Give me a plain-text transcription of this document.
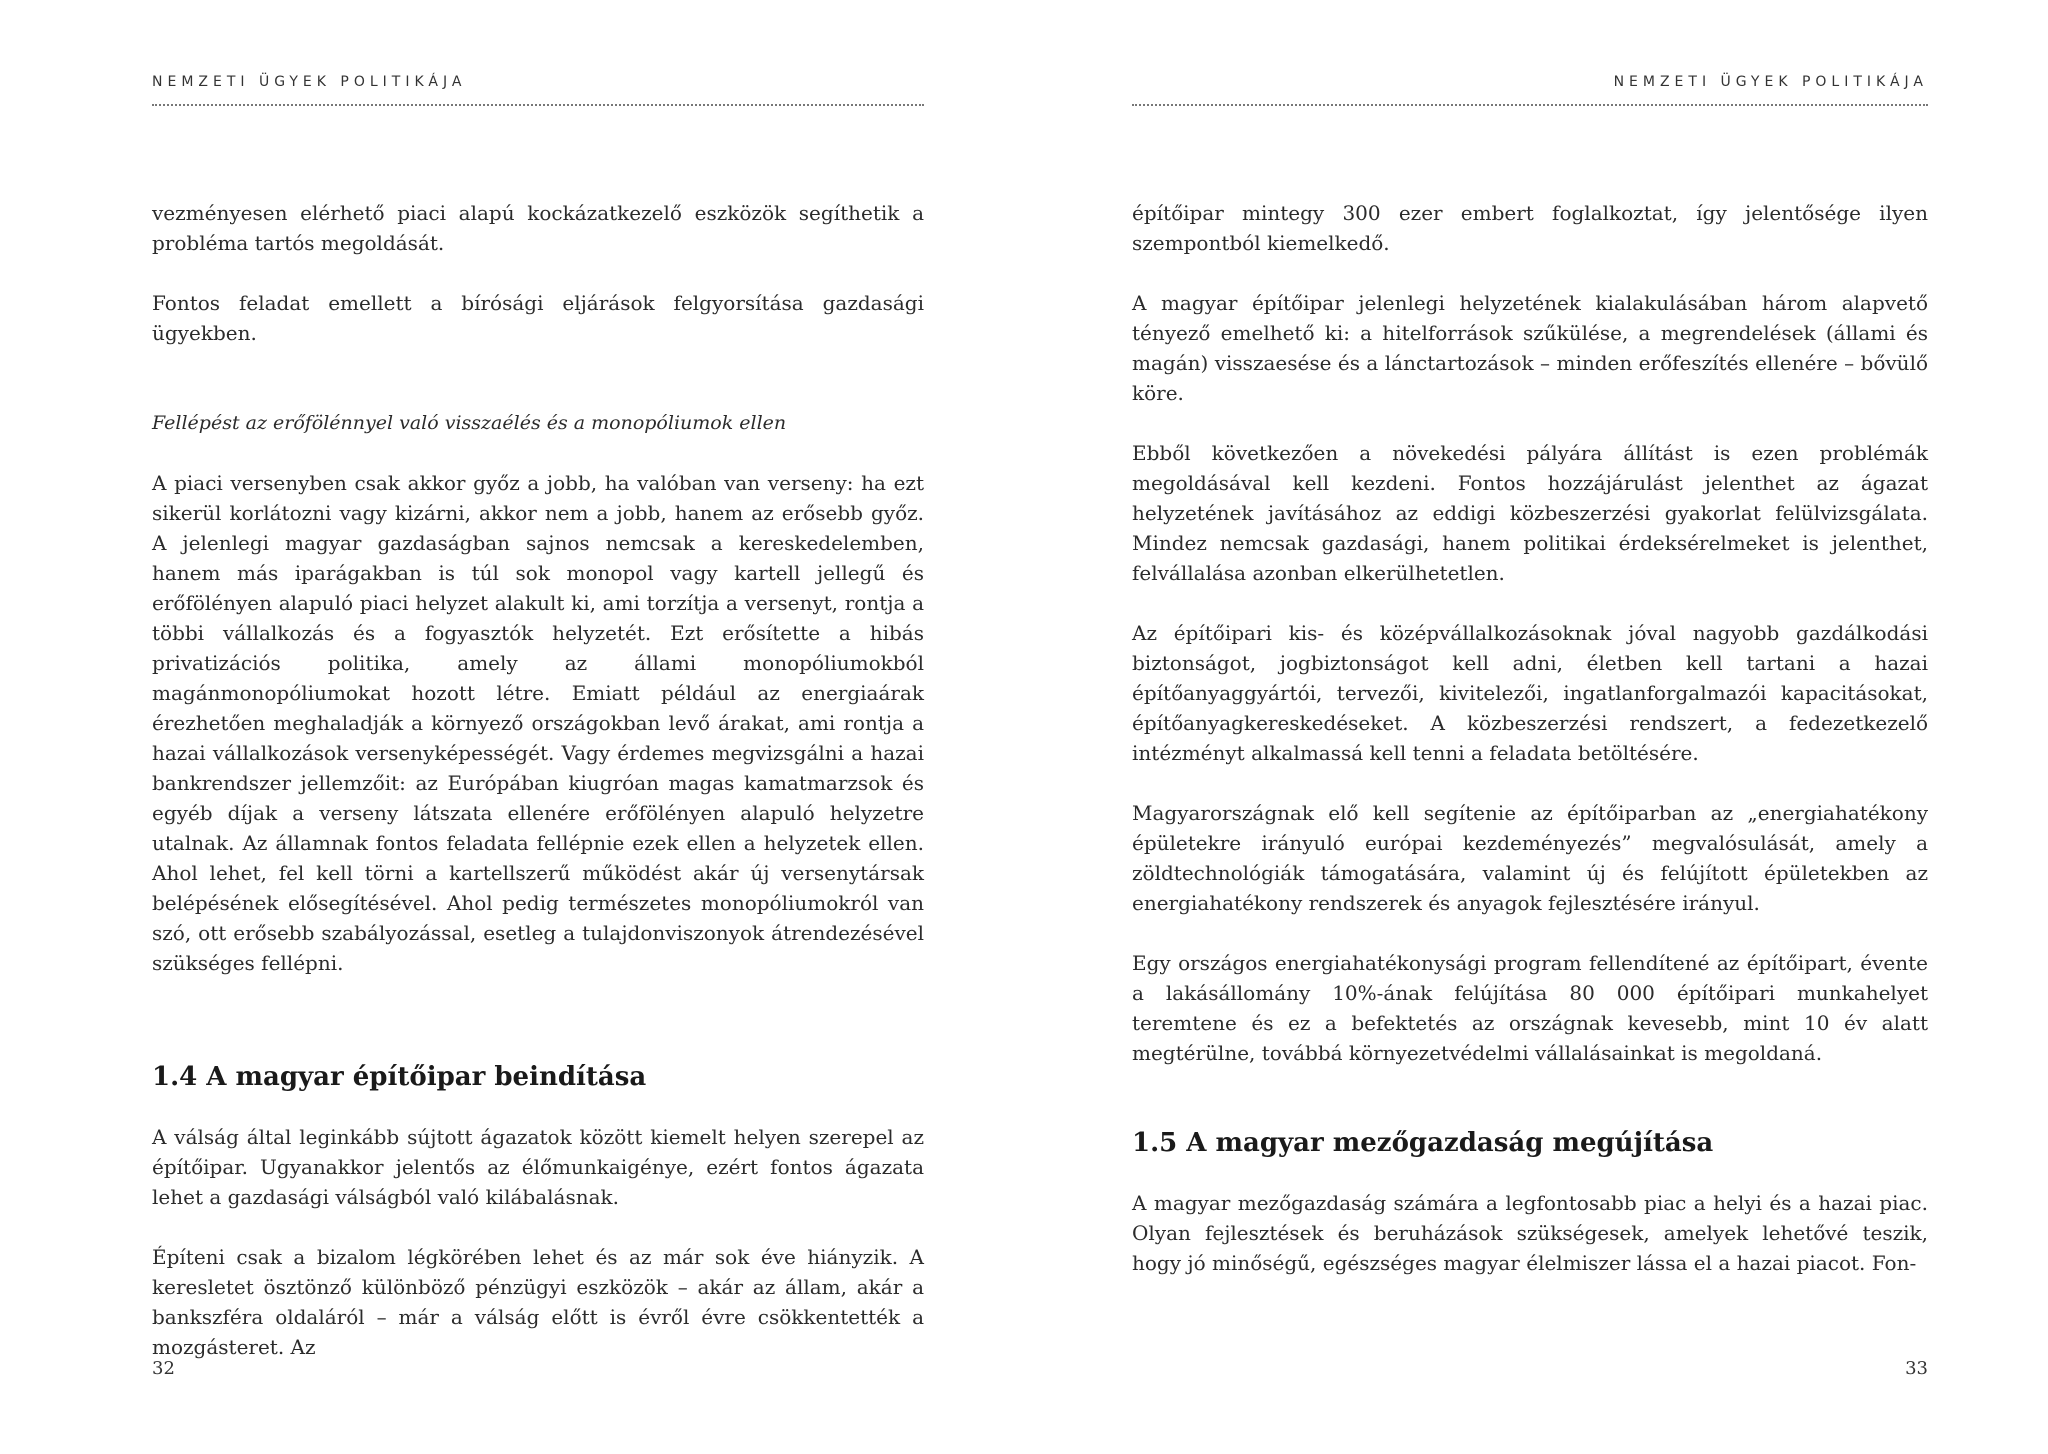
NEMZETI ÜGYEK POLITIKÁJA

vezményesen elérhető piaci alapú kockázatkezelő eszközök segíthetik a probléma tartós megoldását.

Fontos feladat emellett a bírósági eljárások felgyorsítása gazdasági ügyekben.

Fellépést az erőfölénnyel való visszaélés és a monopóliumok ellen

A piaci versenyben csak akkor győz a jobb, ha valóban van verseny: ha ezt sikerül korlátozni vagy kizárni, akkor nem a jobb, hanem az erősebb győz. A jelenlegi magyar gazdaságban sajnos nemcsak a kereskedelemben, hanem más iparágakban is túl sok monopol vagy kartell jellegű és erőfölényen alapuló piaci helyzet alakult ki, ami torzítja a versenyt, rontja a többi vállalkozás és a fogyasztók helyzetét. Ezt erősítette a hibás privatizációs politika, amely az állami monopóliumokból magánmonopóliumokat hozott létre. Emiatt például az energiaárak érezhetően meghaladják a környező országokban levő árakat, ami rontja a hazai vállalkozások versenyképességét. Vagy érdemes megvizsgálni a hazai bankrendszer jellemzőit: az Európában kiugróan magas kamatmarzsok és egyéb díjak a verseny látszata ellenére erőfölényen alapuló helyzetre utalnak. Az államnak fontos feladata fellépnie ezek ellen a helyzetek ellen. Ahol lehet, fel kell törni a kartellszerű működést akár új versenytársak belépésének elősegítésével. Ahol pedig természetes monopóliumokról van szó, ott erősebb szabályozással, esetleg a tulajdonviszonyok átrendezésével szükséges fellépni.

1.4 A magyar építőipar beindítása

A válság által leginkább sújtott ágazatok között kiemelt helyen szerepel az építőipar. Ugyanakkor jelentős az élőmunkaigénye, ezért fontos ágazata lehet a gazdasági válságból való kilábalásnak.

Építeni csak a bizalom légkörében lehet és az már sok éve hiányzik. A keresletet ösztönző különböző pénzügyi eszközök – akár az állam, akár a bankszféra oldaláról – már a válság előtt is évről évre csökkentették a mozgásteret. Az

32
NEMZETI ÜGYEK POLITIKÁJA

építőipar mintegy 300 ezer embert foglalkoztat, így jelentősége ilyen szempontból kiemelkedő.

A magyar építőipar jelenlegi helyzetének kialakulásában három alapvető tényező emelhető ki: a hitelforrások szűkülése, a megrendelések (állami és magán) visszaesése és a lánctartozások – minden erőfeszítés ellenére – bővülő köre.

Ebből következően a növekedési pályára állítást is ezen problémák megoldásával kell kezdeni. Fontos hozzájárulást jelenthet az ágazat helyzetének javításához az eddigi közbeszerzési gyakorlat felülvizsgálata. Mindez nemcsak gazdasági, hanem politikai érdeksérelmeket is jelenthet, felvállalása azonban elkerülhetetlen.

Az építőipari kis- és középvállalkozásoknak jóval nagyobb gazdálkodási biztonságot, jogbiztonságot kell adni, életben kell tartani a hazai építőanyaggyártói, tervezői, kivitelezői, ingatlanforgalmazói kapacitásokat, építőanyagkereskedéseket. A közbeszerzési rendszert, a fedezetkezelő intézményt alkalmassá kell tenni a feladata betöltésére.

Magyarországnak elő kell segítenie az építőiparban az „energiahatékony épületekre irányuló európai kezdeményezés” megvalósulását, amely a zöldtechnológiák támogatására, valamint új és felújított épületekben az energiahatékony rendszerek és anyagok fejlesztésére irányul.

Egy országos energiahatékonysági program fellendítené az építőipart, évente a lakásállomány 10%-ának felújítása 80 000 építőipari munkahelyet teremtene és ez a befektetés az országnak kevesebb, mint 10 év alatt megtérülne, továbbá környezetvédelmi vállalásainkat is megoldaná.

1.5 A magyar mezőgazdaság megújítása

A magyar mezőgazdaság számára a legfontosabb piac a helyi és a hazai piac. Olyan fejlesztések és beruházások szükségesek, amelyek lehetővé teszik, hogy jó minőségű, egészséges magyar élelmiszer lássa el a hazai piacot. Fon-

33
